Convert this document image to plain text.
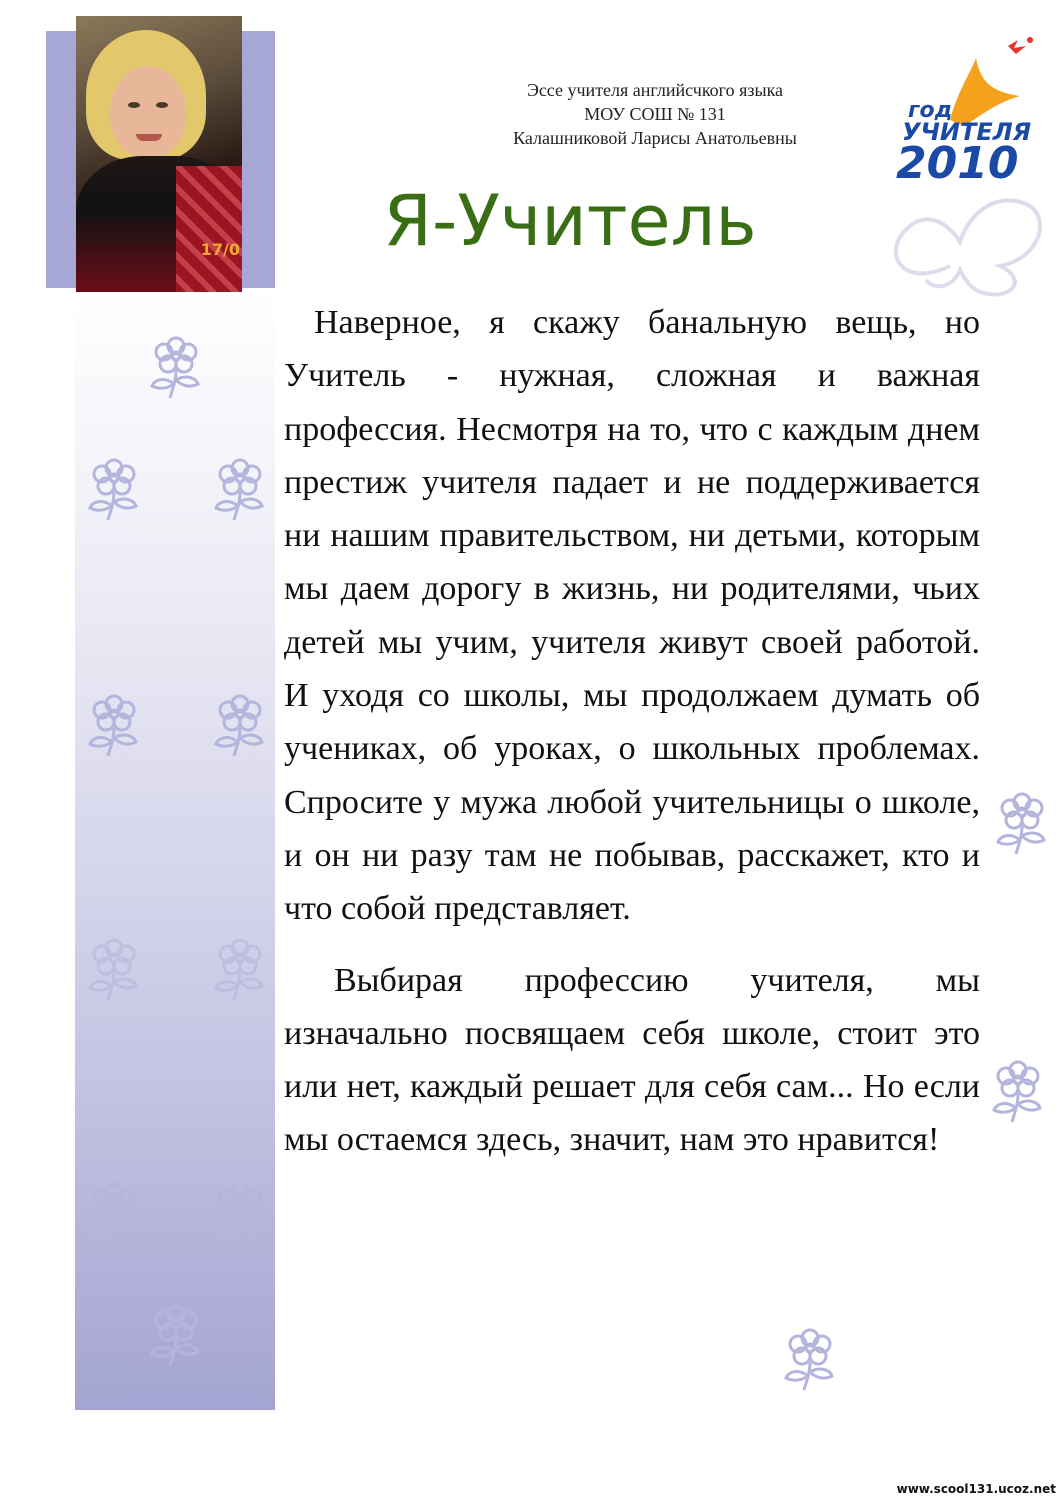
17/0
Эссе учителя английсчкого языка
МОУ СОШ № 131
Калашниковой Ларисы Анатольевны
Я-Учитель
год
УЧИТЕЛЯ
2010

Наверное, я скажу банальную вещь, но Учитель - нужная, сложная и важная профессия. Несмотря на то, что с каждым днем престиж учителя падает и не поддерживается ни нашим правительством, ни детьми, которым мы даем дорогу в жизнь, ни родителями, чьих детей мы учим, учителя живут своей работой. И уходя со школы, мы продолжаем думать об учениках, об уроках, о школьных проблемах. Спросите у мужа любой учительницы о школе, и он ни разу там не побывав, расскажет, кто и что собой представляет.

Выбирая профессию учителя, мы изначально посвящаем себя школе, стоит это или нет, каждый решает для себя сам... Но если мы остаемся здесь, значит, нам это нравится!

www.scool131.ucoz.net
